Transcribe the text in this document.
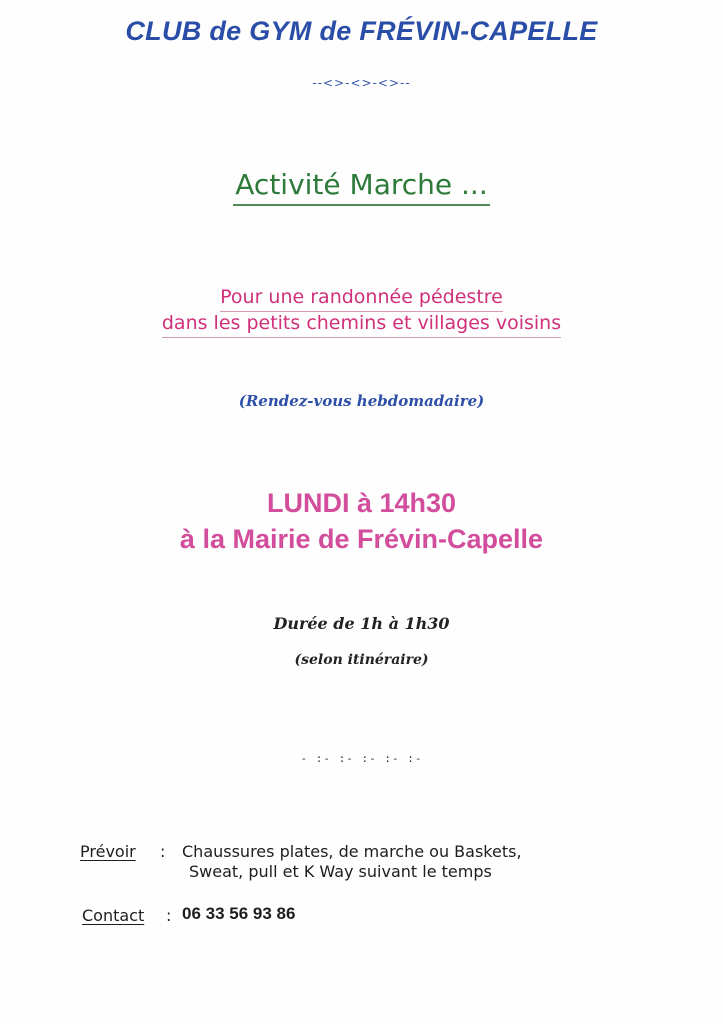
CLUB de GYM de FRÉVIN-CAPELLE

--<>-<>-<>--

Activité Marche ...

Pour une randonnée pédestre

dans les petits chemins et villages voisins

(Rendez-vous hebdomadaire)

LUNDI à 14h30

à la Mairie de Frévin-Capelle

Durée de 1h à 1h30

(selon itinéraire)

- :- :- :- :- :-

Prévoir : Chaussures plates, de marche ou Baskets,
Sweat, pull et K Way suivant le temps
Contact : 06 33 56 93 86
